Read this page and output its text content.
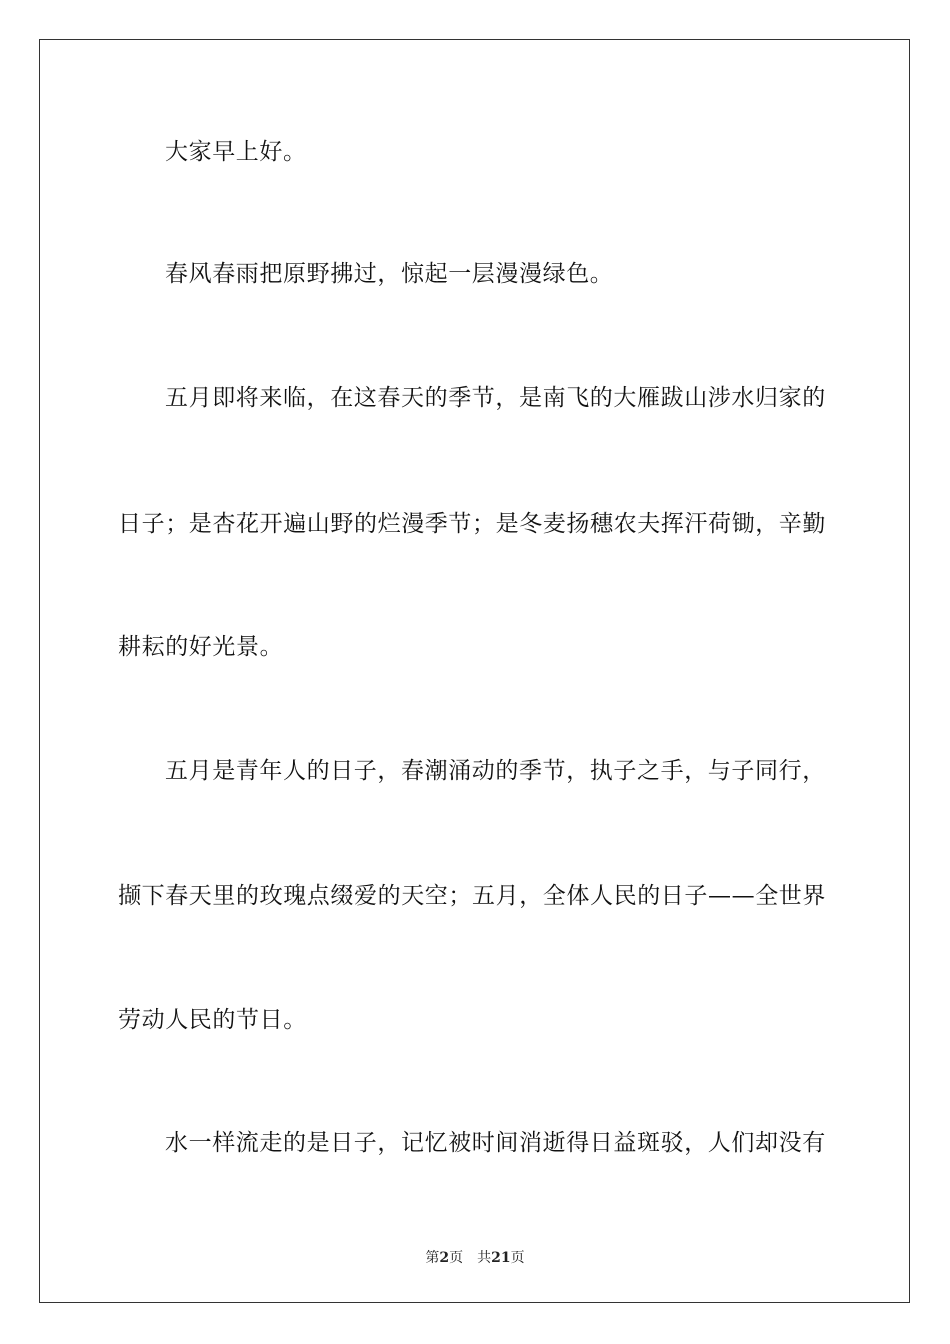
大家早上好。
春风春雨把原野拂过，惊起一层漫漫绿色。
五月即将来临，在这春天的季节，是南飞的大雁跋山涉水归家的
日子；是杏花开遍山野的烂漫季节；是冬麦扬穗农夫挥汗荷锄，辛勤
耕耘的好光景。
五月是青年人的日子，春潮涌动的季节，执子之手，与子同行，
撷下春天里的玫瑰点缀爱的天空；五月，全体人民的日子——全世界
劳动人民的节日。
水一样流走的是日子，记忆被时间消逝得日益斑驳，人们却没有
第2页 共21页
